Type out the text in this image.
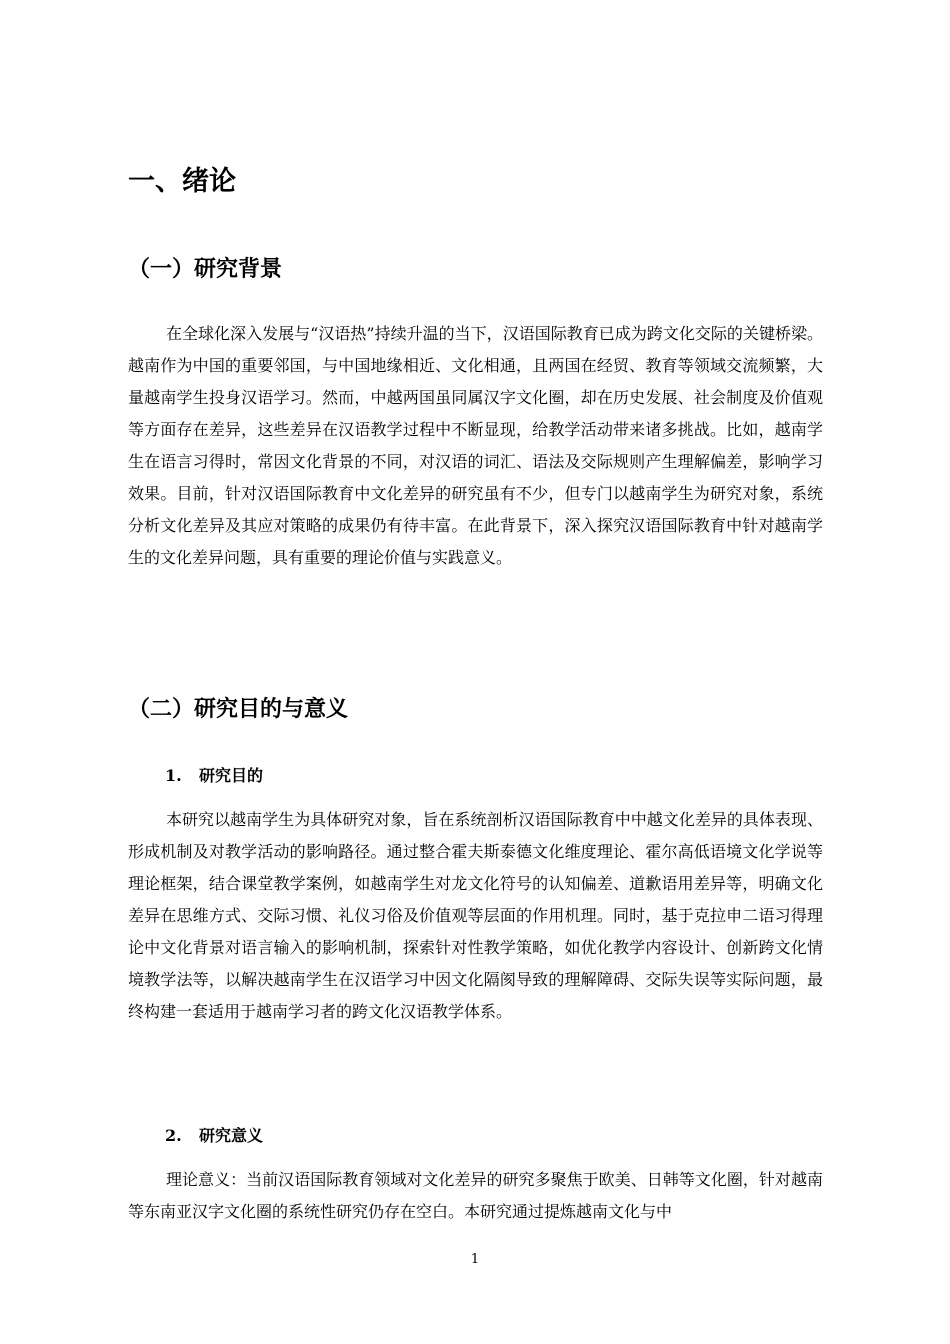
一、绪论
（一）研究背景
在全球化深入发展与“汉语热”持续升温的当下，汉语国际教育已成为跨文化交际的关键桥梁。越南作为中国的重要邻国，与中国地缘相近、文化相通，且两国在经贸、教育等领域交流频繁，大量越南学生投身汉语学习。然而，中越两国虽同属汉字文化圈，却在历史发展、社会制度及价值观等方面存在差异，这些差异在汉语教学过程中不断显现，给教学活动带来诸多挑战。比如，越南学生在语言习得时，常因文化背景的不同，对汉语的词汇、语法及交际规则产生理解偏差，影响学习效果。目前，针对汉语国际教育中文化差异的研究虽有不少，但专门以越南学生为研究对象，系统分析文化差异及其应对策略的成果仍有待丰富。在此背景下，深入探究汉语国际教育中针对越南学生的文化差异问题，具有重要的理论价值与实践意义。
（二）研究目的与意义
1. 研究目的
本研究以越南学生为具体研究对象，旨在系统剖析汉语国际教育中中越文化差异的具体表现、形成机制及对教学活动的影响路径。通过整合霍夫斯泰德文化维度理论、霍尔高低语境文化学说等理论框架，结合课堂教学案例，如越南学生对龙文化符号的认知偏差、道歉语用差异等，明确文化差异在思维方式、交际习惯、礼仪习俗及价值观等层面的作用机理。同时，基于克拉申二语习得理论中文化背景对语言输入的影响机制，探索针对性教学策略，如优化教学内容设计、创新跨文化情境教学法等，以解决越南学生在汉语学习中因文化隔阂导致的理解障碍、交际失误等实际问题，最终构建一套适用于越南学习者的跨文化汉语教学体系。
2. 研究意义
理论意义：当前汉语国际教育领域对文化差异的研究多聚焦于欧美、日韩等文化圈，针对越南等东南亚汉字文化圈的系统性研究仍存在空白。本研究通过提炼越南文化与中
1
